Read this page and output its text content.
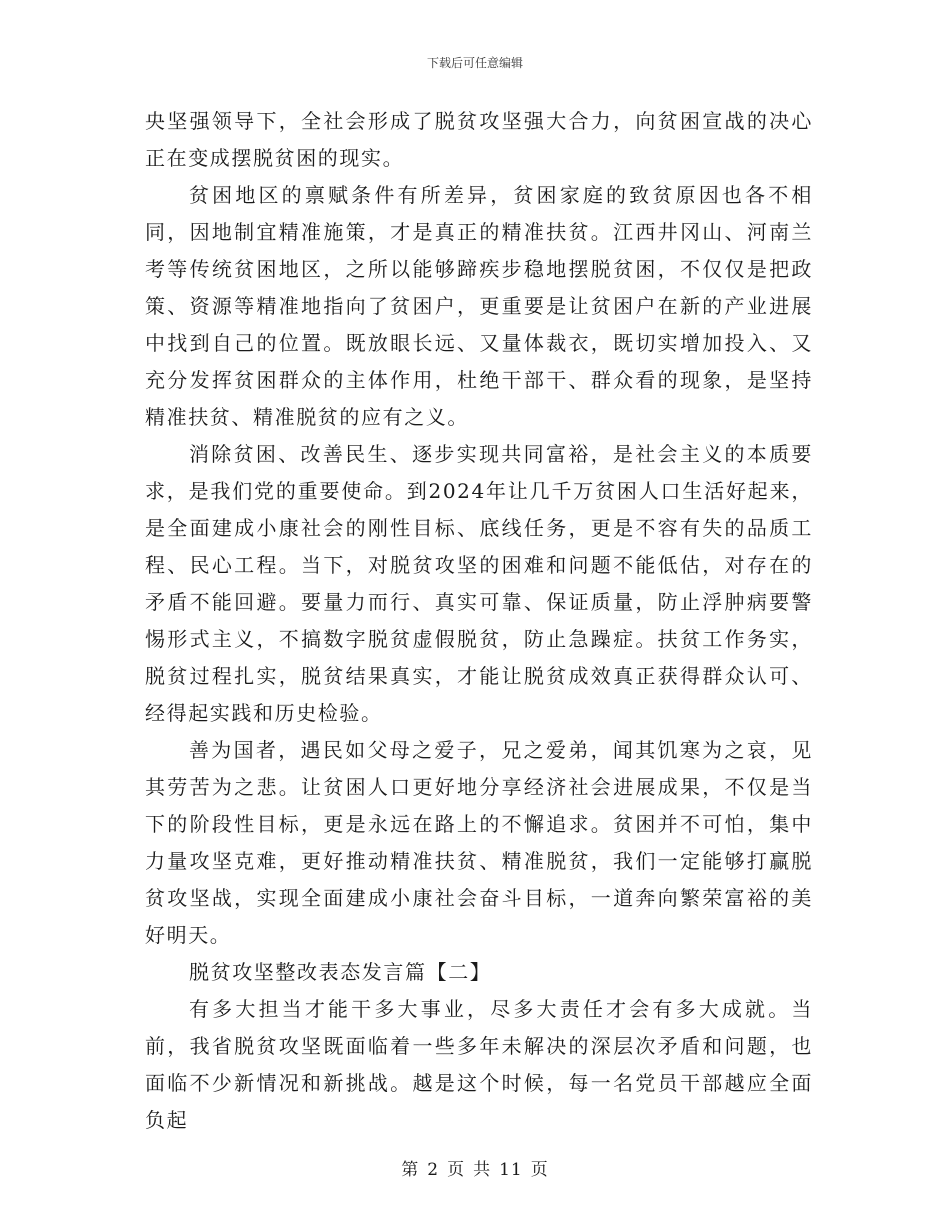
下载后可任意编辑

央坚强领导下，全社会形成了脱贫攻坚强大合力，向贫困宣战的决心正在变成摆脱贫困的现实。

贫困地区的禀赋条件有所差异，贫困家庭的致贫原因也各不相同，因地制宜精准施策，才是真正的精准扶贫。江西井冈山、河南兰考等传统贫困地区，之所以能够蹄疾步稳地摆脱贫困，不仅仅是把政策、资源等精准地指向了贫困户，更重要是让贫困户在新的产业进展中找到自己的位置。既放眼长远、又量体裁衣，既切实增加投入、又充分发挥贫困群众的主体作用，杜绝干部干、群众看的现象，是坚持精准扶贫、精准脱贫的应有之义。

消除贫困、改善民生、逐步实现共同富裕，是社会主义的本质要求，是我们党的重要使命。到2024年让几千万贫困人口生活好起来，是全面建成小康社会的刚性目标、底线任务，更是不容有失的品质工程、民心工程。当下，对脱贫攻坚的困难和问题不能低估，对存在的矛盾不能回避。要量力而行、真实可靠、保证质量，防止浮肿病要警惕形式主义，不搞数字脱贫虚假脱贫，防止急躁症。扶贫工作务实，脱贫过程扎实，脱贫结果真实，才能让脱贫成效真正获得群众认可、经得起实践和历史检验。

善为国者，遇民如父母之爱子，兄之爱弟，闻其饥寒为之哀，见其劳苦为之悲。让贫困人口更好地分享经济社会进展成果，不仅是当下的阶段性目标，更是永远在路上的不懈追求。贫困并不可怕，集中力量攻坚克难，更好推动精准扶贫、精准脱贫，我们一定能够打赢脱贫攻坚战，实现全面建成小康社会奋斗目标，一道奔向繁荣富裕的美好明天。

脱贫攻坚整改表态发言篇【二】

有多大担当才能干多大事业，尽多大责任才会有多大成就。当前，我省脱贫攻坚既面临着一些多年未解决的深层次矛盾和问题，也面临不少新情况和新挑战。越是这个时候，每一名党员干部越应全面负起

第 2 页 共 11 页
